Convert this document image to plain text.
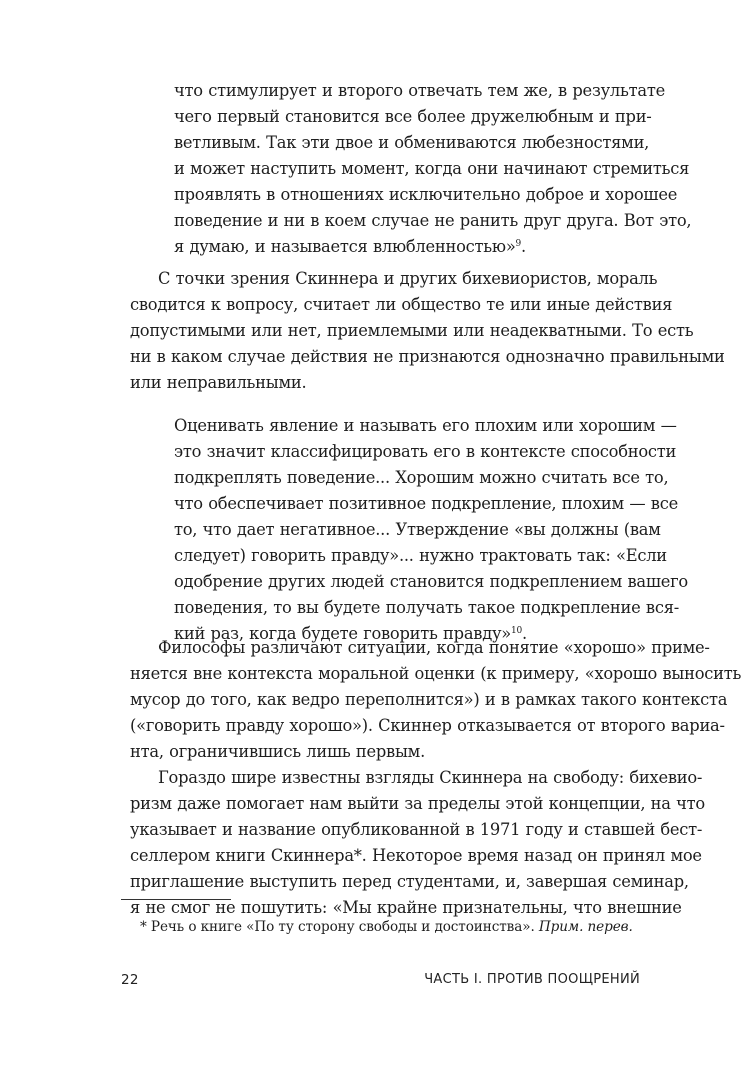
что стимулирует и второго отвечать тем же, в результате
чего первый становится все более дружелюбным и при-
ветливым. Так эти двое и обмениваются любезностями,
и может наступить момент, когда они начинают стремиться
проявлять в отношениях исключительно доброе и хорошее
поведение и ни в коем случае не ранить друг друга. Вот это,
я думаю, и называется влюбленностью»$^9$.
С точки зрения Скиннера и других бихевиористов, мораль
сводится к вопросу, считает ли общество те или иные действия
допустимыми или нет, приемлемыми или неадекватными. То есть
ни в каком случае действия не признаются однозначно правильными
или неправильными.
Оценивать явление и называть его плохим или хорошим —
это значит классифицировать его в контексте способности
подкреплять поведение... Хорошим можно считать все то,
что обеспечивает позитивное подкрепление, плохим — все
то, что дает негативное... Утверждение «вы должны (вам
следует) говорить правду»... нужно трактовать так: «Если
одобрение других людей становится подкреплением вашего
поведения, то вы будете получать такое подкрепление вся-
кий раз, когда будете говорить правду»$^{10}$.
Философы различают ситуации, когда понятие «хорошо» приме-
няется вне контекста моральной оценки (к примеру, «хорошо выносить
мусор до того, как ведро переполнится») и в рамках такого контекста
(«говорить правду хорошо»). Скиннер отказывается от второго вариа-
нта, ограничившись лишь первым.
Гораздо шире известны взгляды Скиннера на свободу: бихевио-
ризм даже помогает нам выйти за пределы этой концепции, на что
указывает и название опубликованной в 1971 году и ставшей бест-
селлером книги Скиннера*. Некоторое время назад он принял мое
приглашение выступить перед студентами, и, завершая семинар,
я не смог не пошутить: «Мы крайне признательны, что внешние
* Речь о книге «По ту сторону свободы и достоинства». Прим. перев.
22	ЧАСТЬ I. ПРОТИВ ПООЩРЕНИЙ
